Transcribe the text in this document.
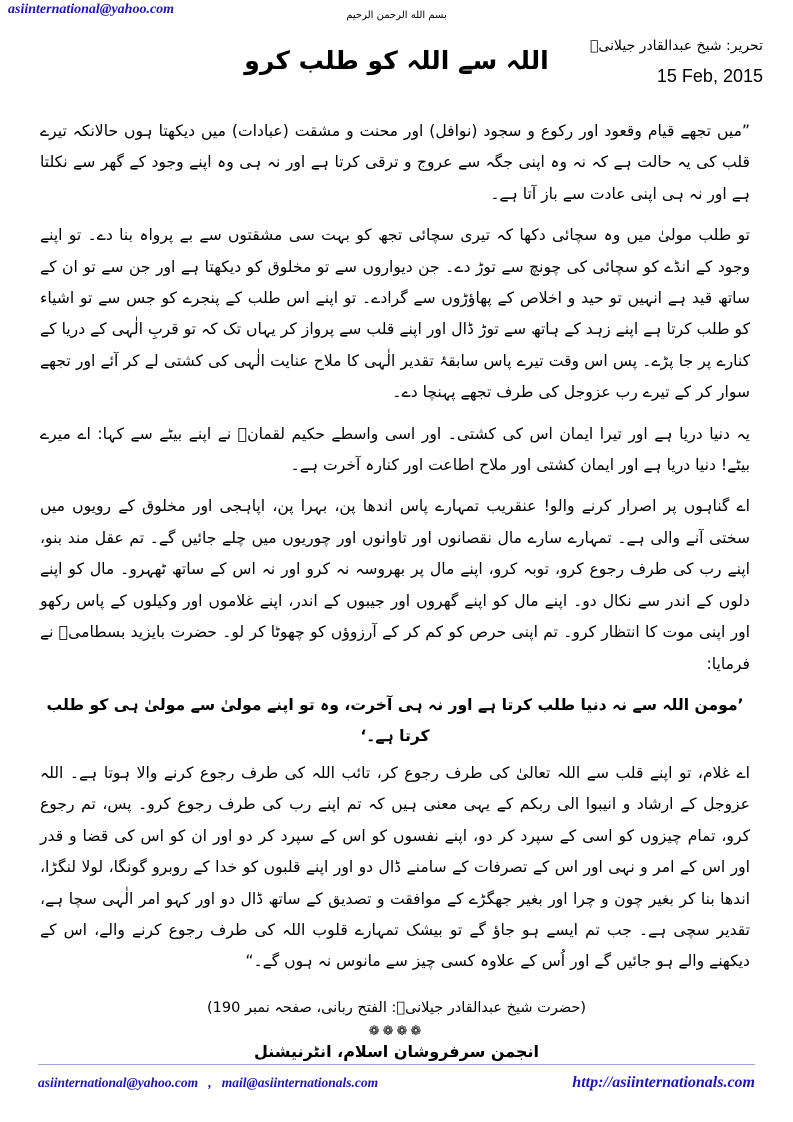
asiinternational@yahoo.com	بسم الله الرحمن الرحیم
تحریر: شیخ عبدالقادر جیلانیؒ
اللہ سے اللہ کو طلب کرو
15 Feb, 2015

”میں تجھے قیام وقعود اور رکوع و سجود (نوافل) اور محنت و مشقت (عبادات) میں دیکھتا ہوں حالانکہ تیرے قلب کی یہ حالت ہے کہ نہ وہ اپنی جگہ سے عروج و ترقی کرتا ہے اور نہ ہی وہ اپنے وجود کے گھر سے نکلتا ہے اور نہ ہی اپنی عادت سے باز آتا ہے۔

تو طلب مولیٰ میں وہ سچائی دکھا کہ تیری سچائی تجھ کو بہت سی مشقتوں سے بے پرواہ بنا دے۔ تو اپنے وجود کے انڈے کو سچائی کی چونچ سے توڑ دے۔ جن دیواروں سے تو مخلوق کو دیکھتا ہے اور جن سے تو ان کے ساتھ قید ہے انہیں تو حید و اخلاص کے پھاؤڑوں سے گرادے۔ تو اپنے اس طلب کے پنجرے کو جس سے تو اشیاء کو طلب کرتا ہے اپنے زہد کے ہاتھ سے توڑ ڈال اور اپنے قلب سے پرواز کر یہاں تک کہ تو قربِ الٰہی کے دریا کے کنارے پر جا پڑے۔ پس اس وقت تیرے پاس سابقۂ تقدیر الٰہی کا ملاح عنایت الٰہی کی کشتی لے کر آئے اور تجھے سوار کر کے تیرے رب عزوجل کی طرف تجھے پہنچا دے۔

یہ دنیا دریا ہے اور تیرا ایمان اس کی کشتی۔ اور اسی واسطے حکیم لقمانؒ نے اپنے بیٹے سے کہا: اے میرے بیٹے! دنیا دریا ہے اور ایمان کشتی اور ملاح اطاعت اور کنارہ آخرت ہے۔

اے گناہوں پر اصرار کرنے والو! عنقریب تمہارے پاس اندھا پن، بہرا پن، اپاہجی اور مخلوق کے رویوں میں سختی آنے والی ہے۔ تمہارے سارے مال نقصانوں اور تاوانوں اور چوریوں میں چلے جائیں گے۔ تم عقل مند بنو، اپنے رب کی طرف رجوع کرو، توبہ کرو، اپنے مال پر بھروسہ نہ کرو اور نہ اس کے ساتھ ٹھہرو۔ مال کو اپنے دلوں کے اندر سے نکال دو۔ اپنے مال کو اپنے گھروں اور جیبوں کے اندر، اپنے غلاموں اور وکیلوں کے پاس رکھو اور اپنی موت کا انتظار کرو۔ تم اپنی حرص کو کم کر کے آرزوؤں کو چھوٹا کر لو۔ حضرت بایزید بسطامیؒ نے فرمایا:

’مومن اللہ سے نہ دنیا طلب کرتا ہے اور نہ ہی آخرت، وہ تو اپنے مولیٰ سے مولیٰ ہی کو طلب کرتا ہے۔‘

اے غلام، تو اپنے قلب سے اللہ تعالیٰ کی طرف رجوع کر، تائب اللہ کی طرف رجوع کرنے والا ہوتا ہے۔ اللہ عزوجل کے ارشاد و انیبوا الی ربکم کے یہی معنی ہیں کہ تم اپنے رب کی طرف رجوع کرو۔ پس، تم رجوع کرو، تمام چیزوں کو اسی کے سپرد کر دو، اپنے نفسوں کو اس کے سپرد کر دو اور ان کو اس کی قضا و قدر اور اس کے امر و نہی اور اس کے تصرفات کے سامنے ڈال دو اور اپنے قلبوں کو خدا کے روبرو گونگا، لولا لنگڑا، اندھا بنا کر بغیر چون و چرا اور بغیر جھگڑے کے موافقت و تصدیق کے ساتھ ڈال دو اور کہو امر الٰہی سچا ہے، تقدیر سچی ہے۔ جب تم ایسے ہو جاؤ گے تو بیشک تمہارے قلوب اللہ کی طرف رجوع کرنے والے، اس کے دیکھنے والے ہو جائیں گے اور اُس کے علاوہ کسی چیز سے مانوس نہ ہوں گے۔“

(حضرت شیخ عبدالقادر جیلانیؒ: الفتح ربانی، صفحہ نمبر 190)
❁❁❁❁
انجمن سرفروشان اسلام، انٹرنیشنل
asiinternational@yahoo.com , mail@asiinternationals.com	http://asiinternationals.com
